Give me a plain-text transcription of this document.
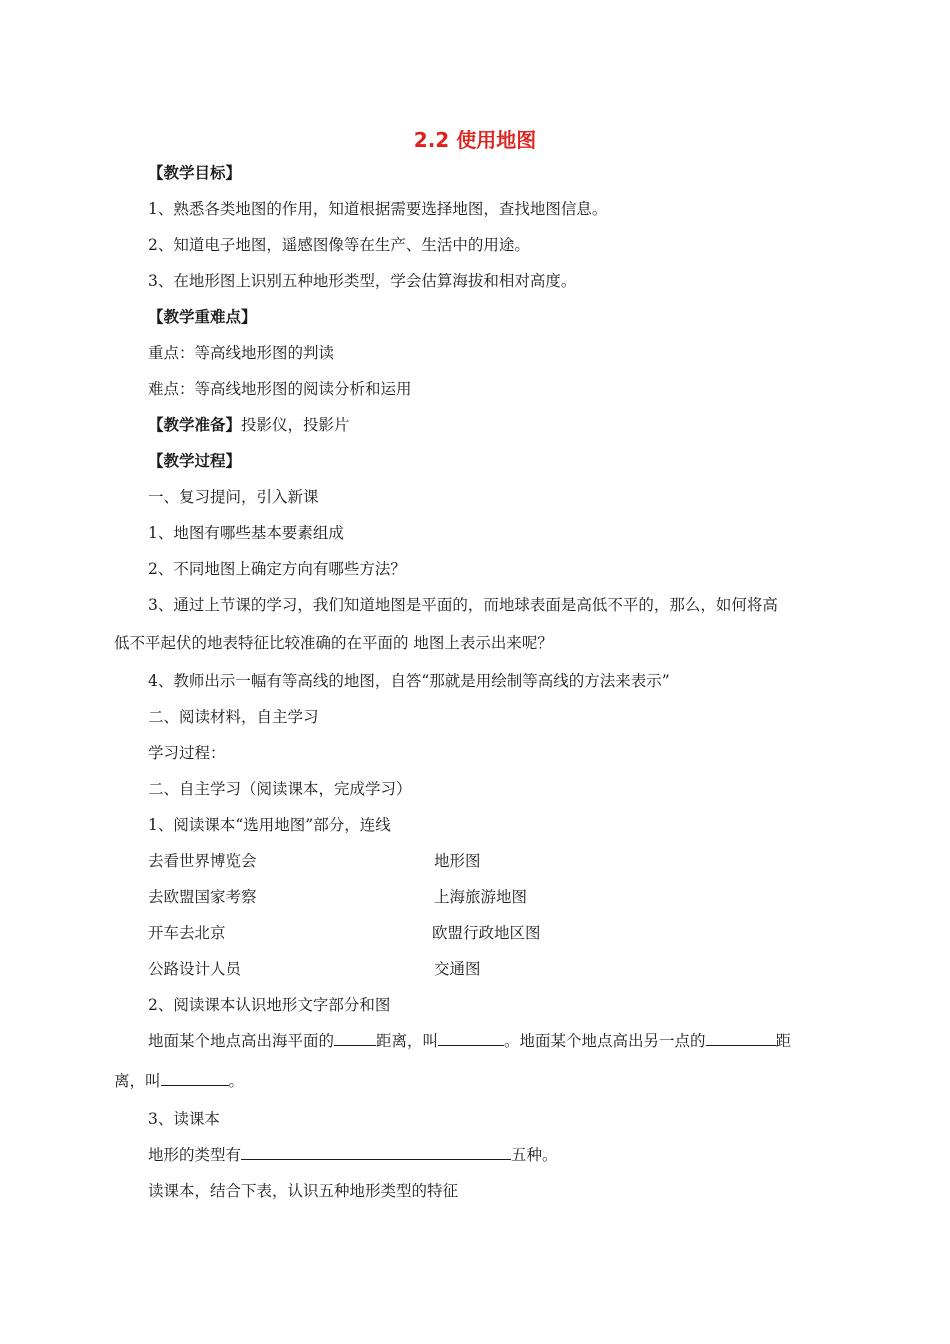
2.2 使用地图
【教学目标】
1、熟悉各类地图的作用，知道根据需要选择地图，查找地图信息。
2、知道电子地图，遥感图像等在生产、生活中的用途。
3、在地形图上识别五种地形类型，学会估算海拔和相对高度。
【教学重难点】
重点：等高线地形图的判读
难点：等高线地形图的阅读分析和运用
【教学准备】投影仪，投影片
【教学过程】
一、复习提问，引入新课
1、地图有哪些基本要素组成
2、不同地图上确定方向有哪些方法？
3、通过上节课的学习，我们知道地图是平面的，而地球表面是高低不平的，那么，如何将高
低不平起伏的地表特征比较准确的在平面的 地图上表示出来呢？
4、教师出示一幅有等高线的地图，自答“那就是用绘制等高线的方法来表示”
二、阅读材料，自主学习
学习过程：
二、自主学习（阅读课本，完成学习）
1、阅读课本“选用地图”部分，连线
去看世界博览会	地形图
去欧盟国家考察	上海旅游地图
开车去北京	欧盟行政地区图
公路设计人员	交通图
2、阅读课本认识地形文字部分和图
地面某个地点高出海平面的	距离，叫	。地面某个地点高出另一点的	距
离，叫	。
3、读课本
地形的类型有	五种。
读课本，结合下表，认识五种地形类型的特征
